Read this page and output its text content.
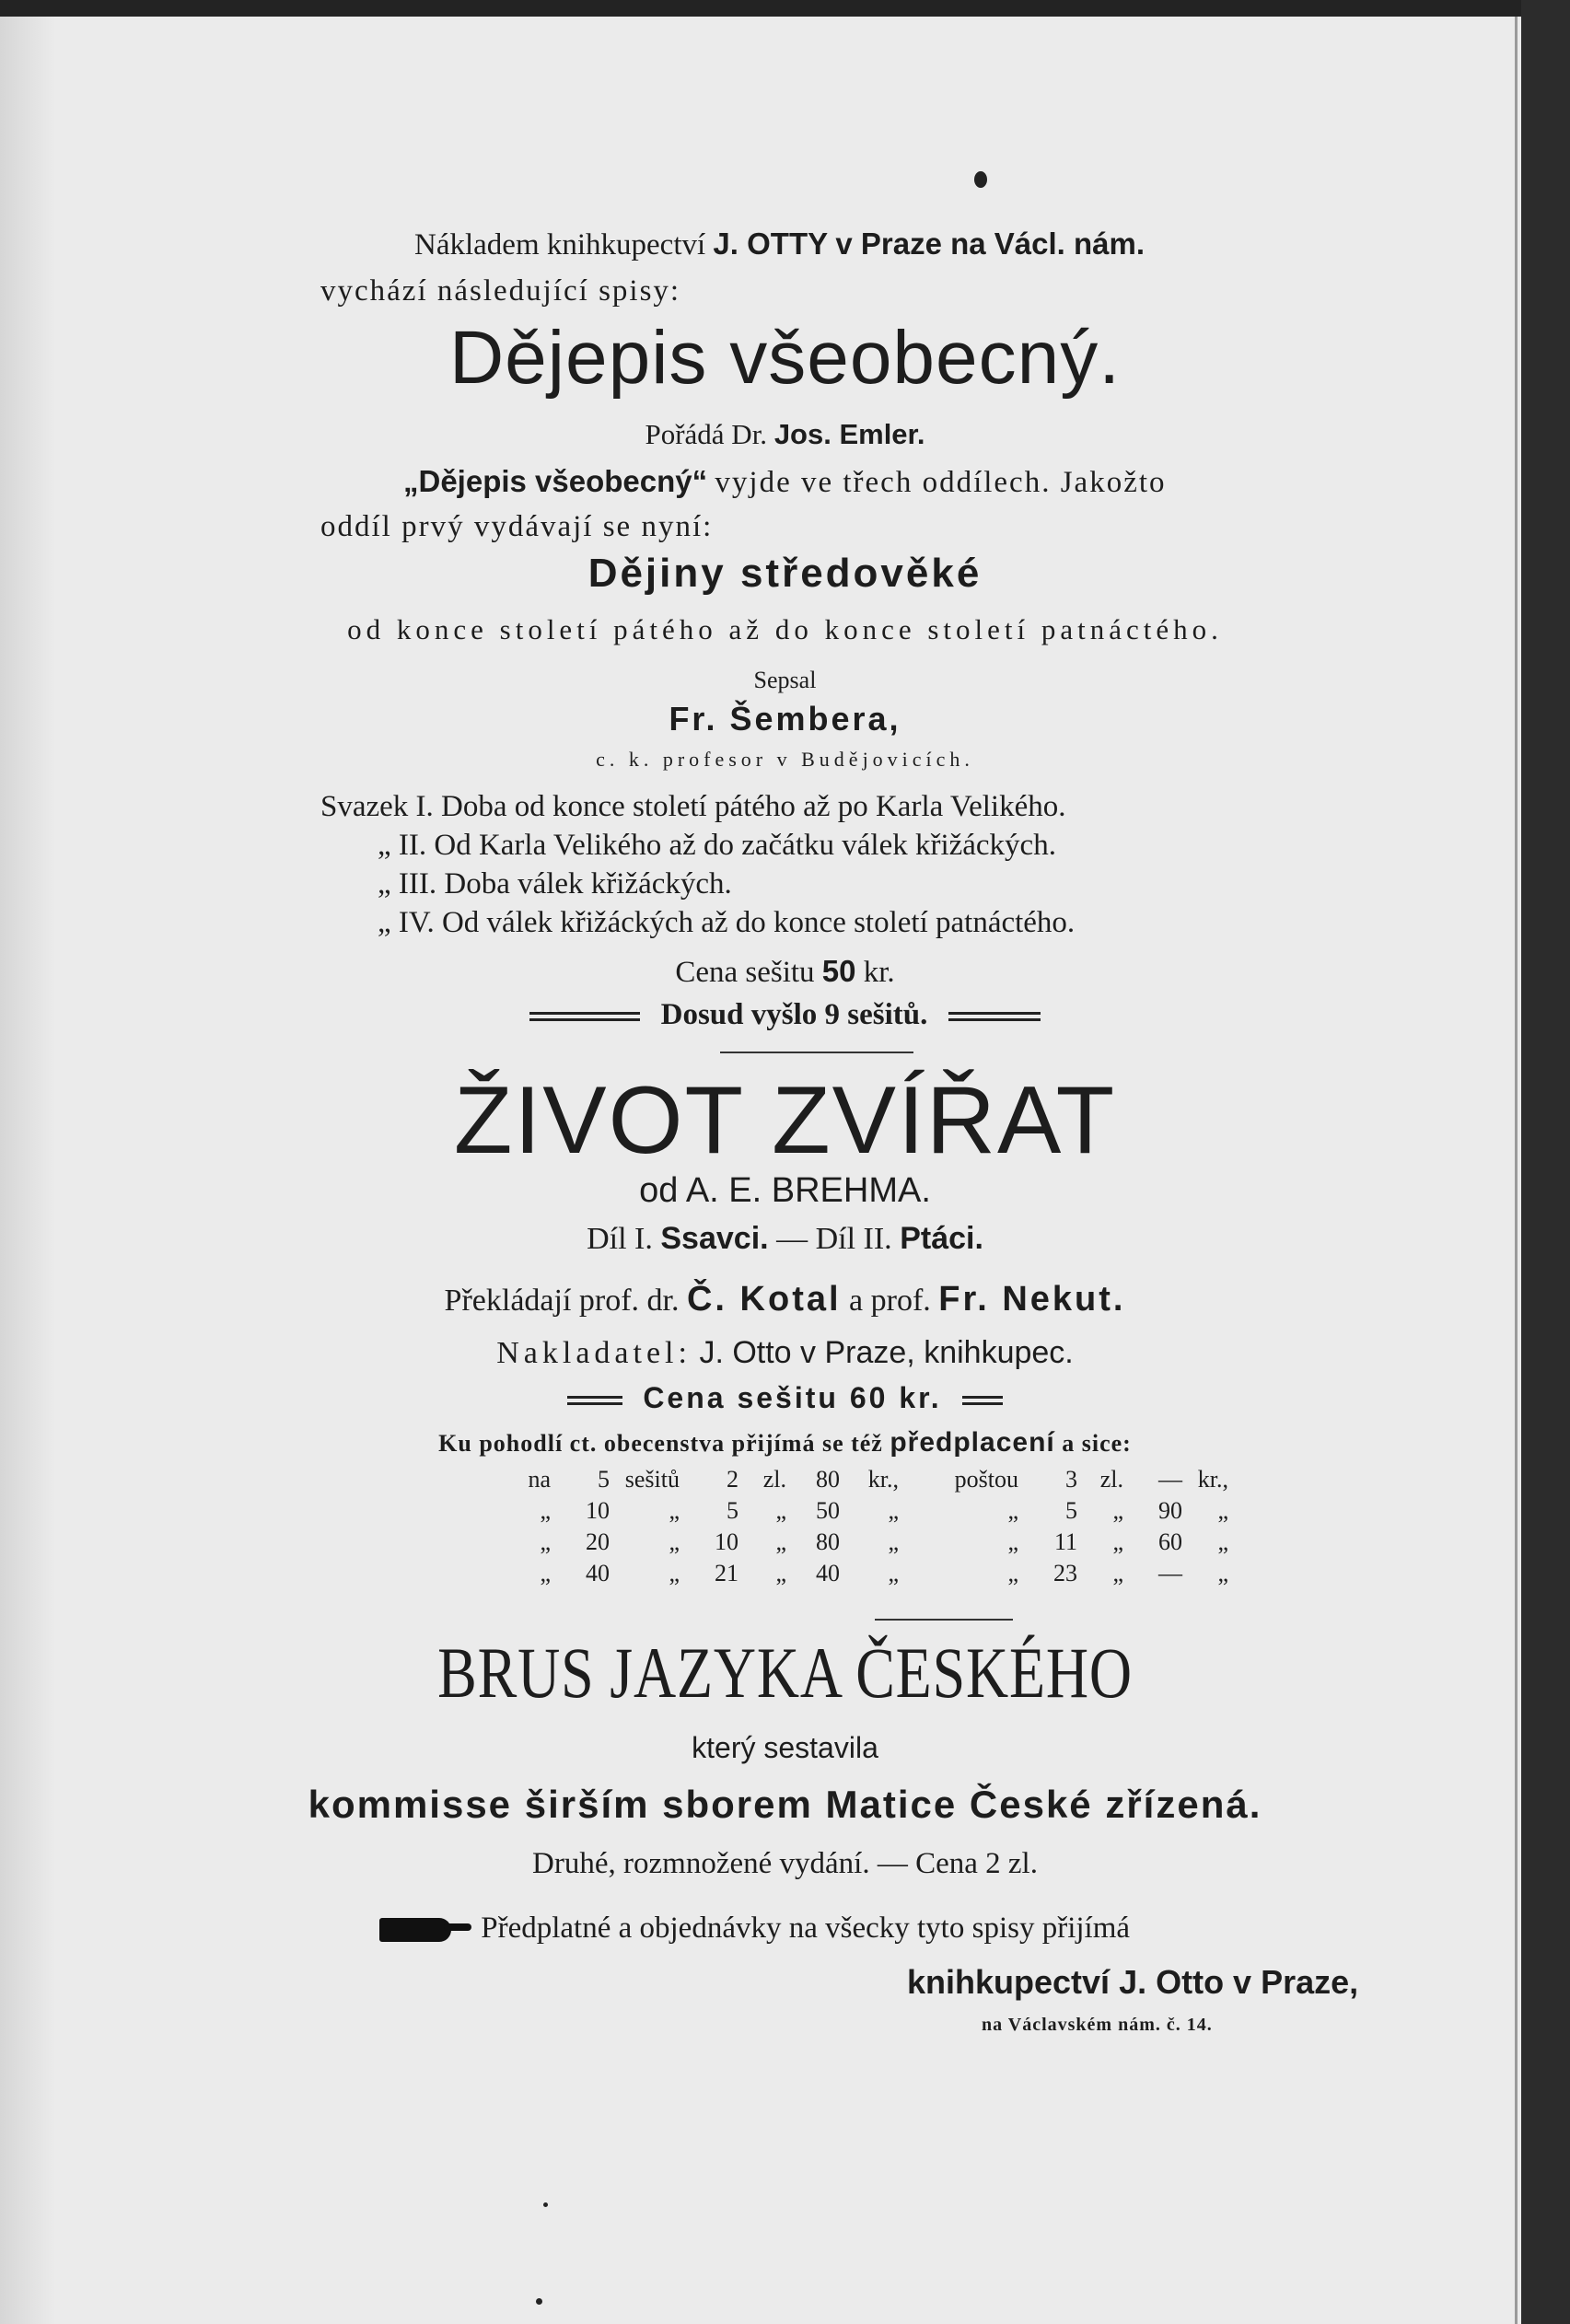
Nákladem knihkupectví J. OTTY v Praze na Václ. nám.
vychází následující spisy:
Dějepis všeobecný.
Pořádá Dr. Jos. Emler.
„Dějepis všeobecný“ vyjde ve třech oddílech. Jakožto
oddíl prvý vydávají se nyní:
Dějiny středověké
od konce století pátého až do konce století patnáctého.
Sepsal
Fr. Šembera,
c. k. profesor v Budějovicích.
Svazek I. Doba od konce století pátého až po Karla Velikého.
„ II. Od Karla Velikého až do začátku válek křižáckých.
„ III. Doba válek křižáckých.
„ IV. Od válek křižáckých až do konce století patnáctého.
Cena sešitu 50 kr.
Dosud vyšlo 9 sešitů.
ŽIVOT ZVÍŘAT
od A. E. BREHMA.
Díl I. Ssavci. — Díl II. Ptáci.
Překládají prof. dr. Č. Kotal a prof. Fr. Nekut.
Nakladatel: J. Otto v Praze, knihkupec.
Cena sešitu 60 kr.
Ku pohodlí ct. obecenstva přijímá se též předplacení a sice:
na	5	sešitů	2	zl.	80	kr.,	poštou	3	zl.	—	kr.,
„	10	„	5	„	50	„	„	5	„	90	„
„	20	„	10	„	80	„	„	11	„	60	„
„	40	„	21	„	40	„	„	23	„	—	„
BRUS JAZYKA ČESKÉHO
který sestavila
kommisse širším sborem Matice České zřízená.
Druhé, rozmnožené vydání. — Cena 2 zl.
Předplatné a objednávky na všecky tyto spisy přijímá
knihkupectví J. Otto v Praze,
na Václavském nám. č. 14.
